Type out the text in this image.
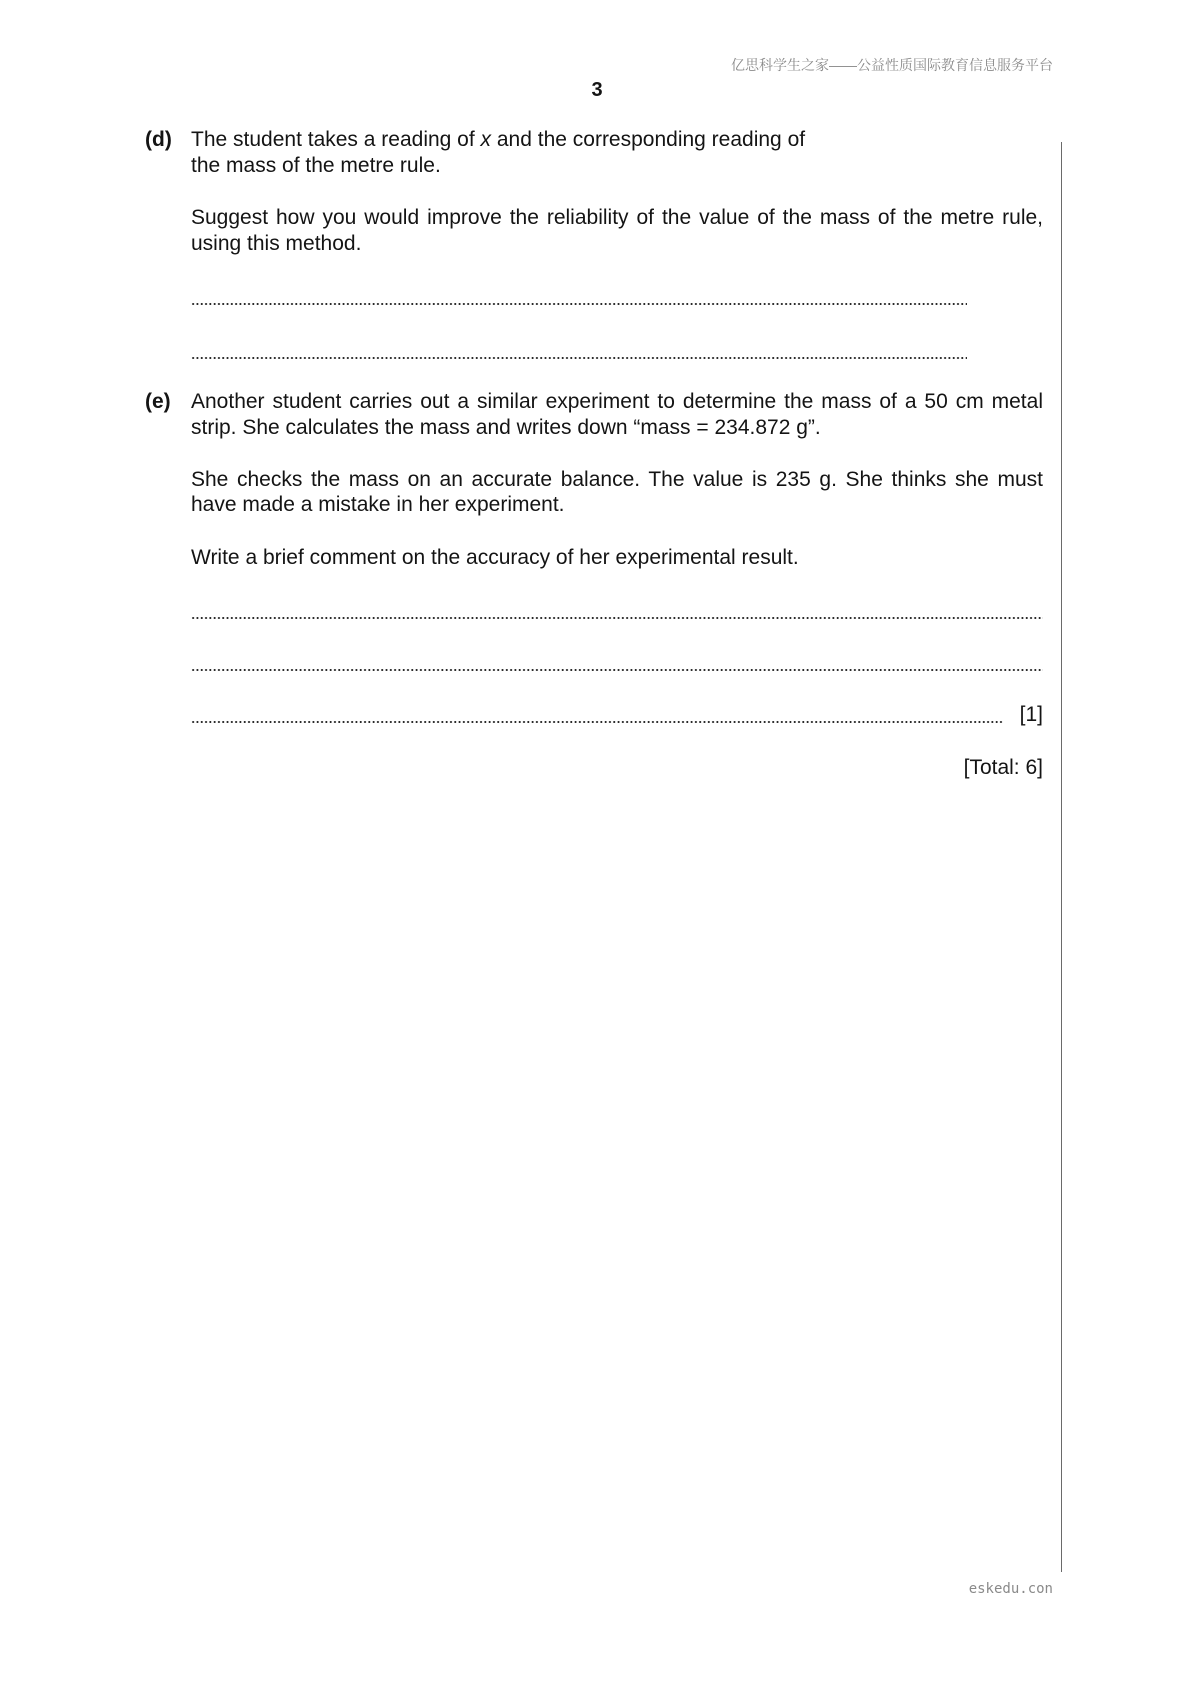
亿思科学生之家——公益性质国际教育信息服务平台
3
(d) The student takes a reading of x and the corresponding reading of
the mass of the metre rule.
Suggest how you would improve the reliability of the value of the mass of the metre rule,
using this method.
(e) Another student carries out a similar experiment to determine the mass of a 50 cm metal
strip. She calculates the mass and writes down “mass = 234.872 g”.
She checks the mass on an accurate balance. The value is 235 g. She thinks she must
have made a mistake in her experiment.
Write a brief comment on the accuracy of her experimental result.
[1]
[Total: 6]
eskedu.con
